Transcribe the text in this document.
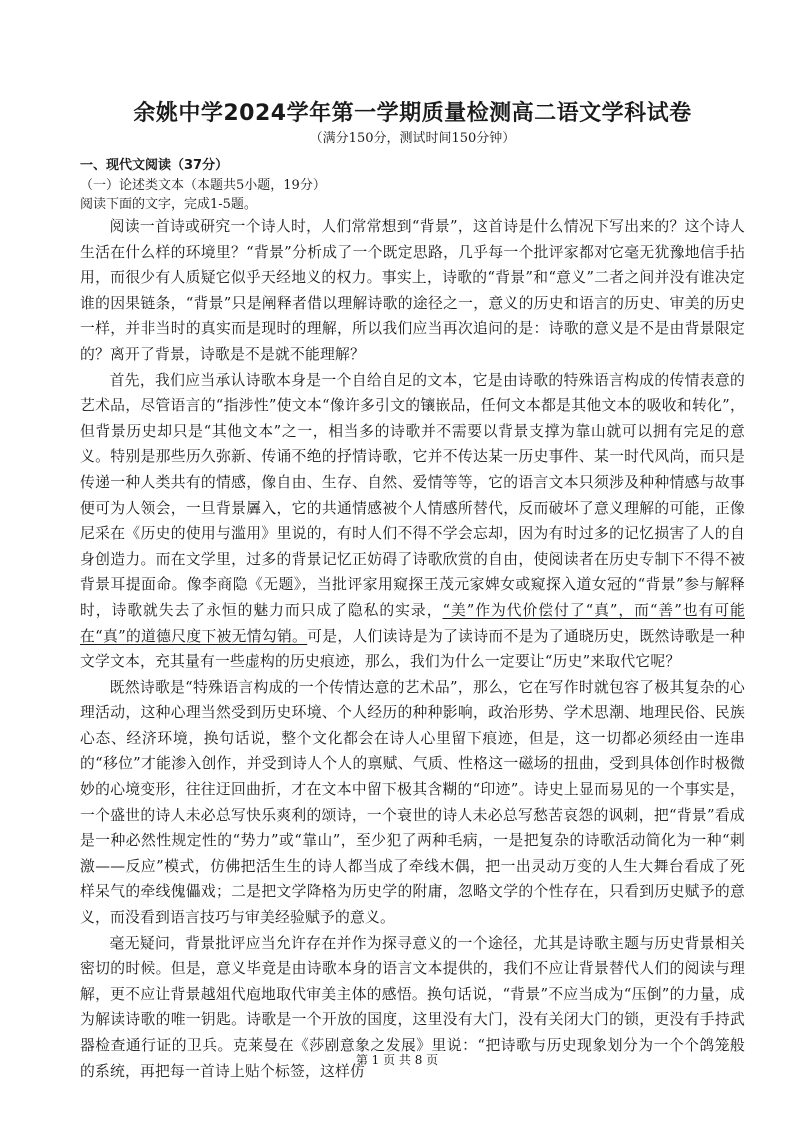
余姚中学2024学年第一学期质量检测高二语文学科试卷
（满分150分，测试时间150分钟）
一、现代文阅读（37分）
（一）论述类文本（本题共5小题，19分）
阅读下面的文字，完成1-5题。

阅读一首诗或研究一个诗人时，人们常常想到“背景”，这首诗是什么情况下写出来的？这个诗人生活在什么样的环境里？“背景”分析成了一个既定思路，几乎每一个批评家都对它毫无犹豫地信手拈用，而很少有人质疑它似乎天经地义的权力。事实上，诗歌的“背景”和“意义”二者之间并没有谁决定谁的因果链条，“背景”只是阐释者借以理解诗歌的途径之一，意义的历史和语言的历史、审美的历史一样，并非当时的真实而是现时的理解，所以我们应当再次追问的是：诗歌的意义是不是由背景限定的？离开了背景，诗歌是不是就不能理解？

首先，我们应当承认诗歌本身是一个自给自足的文本，它是由诗歌的特殊语言构成的传情表意的艺术品，尽管语言的“指涉性”使文本“像许多引文的镶嵌品，任何文本都是其他文本的吸收和转化”，但背景历史却只是“其他文本”之一，相当多的诗歌并不需要以背景支撑为靠山就可以拥有完足的意义。特别是那些历久弥新、传诵不绝的抒情诗歌，它并不传达某一历史事件、某一时代风尚，而只是传递一种人类共有的情感，像自由、生存、自然、爱情等等，它的语言文本只须涉及种种情感与故事便可为人领会，一旦背景羼入，它的共通情感被个人情感所替代，反而破坏了意义理解的可能，正像尼采在《历史的使用与滥用》里说的，有时人们不得不学会忘却，因为有时过多的记忆损害了人的自身创造力。而在文学里，过多的背景记忆正妨碍了诗歌欣赏的自由，使阅读者在历史专制下不得不被背景耳提面命。像李商隐《无题》，当批评家用窥探王茂元家婢女或窥探入道女冠的“背景”参与解释时，诗歌就失去了永恒的魅力而只成了隐私的实录，“美”作为代价偿付了“真”，而“善”也有可能在“真”的道德尺度下被无情勾销。可是，人们读诗是为了读诗而不是为了通晓历史，既然诗歌是一种文学文本，充其量有一些虚构的历史痕迹，那么，我们为什么一定要让“历史”来取代它呢？

既然诗歌是“特殊语言构成的一个传情达意的艺术品”，那么，它在写作时就包容了极其复杂的心理活动，这种心理当然受到历史环境、个人经历的种种影响，政治形势、学术思潮、地理民俗、民族心态、经济环境，换句话说，整个文化都会在诗人心里留下痕迹，但是，这一切都必须经由一连串的“移位”才能渗入创作，并受到诗人个人的禀赋、气质、性格这一磁场的扭曲，受到具体创作时极微妙的心境变形，往往迂回曲折，才在文本中留下极其含糊的“印迹”。诗史上显而易见的一个事实是，一个盛世的诗人未必总写快乐爽利的颂诗，一个衰世的诗人未必总写愁苦哀怨的讽刺，把“背景”看成是一种必然性规定性的“势力”或“靠山”，至少犯了两种毛病，一是把复杂的诗歌活动简化为一种“刺激——反应”模式，仿佛把活生生的诗人都当成了牵线木偶，把一出灵动万变的人生大舞台看成了死样呆气的牵线傀儡戏；二是把文学降格为历史学的附庸，忽略文学的个性存在，只看到历史赋予的意义，而没看到语言技巧与审美经验赋予的意义。

毫无疑问，背景批评应当允许存在并作为探寻意义的一个途径，尤其是诗歌主题与历史背景相关密切的时候。但是，意义毕竟是由诗歌本身的语言文本提供的，我们不应让背景替代人们的阅读与理解，更不应让背景越俎代庖地取代审美主体的感悟。换句话说，“背景”不应当成为“压倒”的力量，成为解读诗歌的唯一钥匙。诗歌是一个开放的国度，这里没有大门，没有关闭大门的锁，更没有手持武器检查通行证的卫兵。克莱曼在《莎剧意象之发展》里说：“把诗歌与历史现象划分为一个个鸽笼般的系统，再把每一首诗上贴个标签，这样仿

第 1 页 共 8 页
